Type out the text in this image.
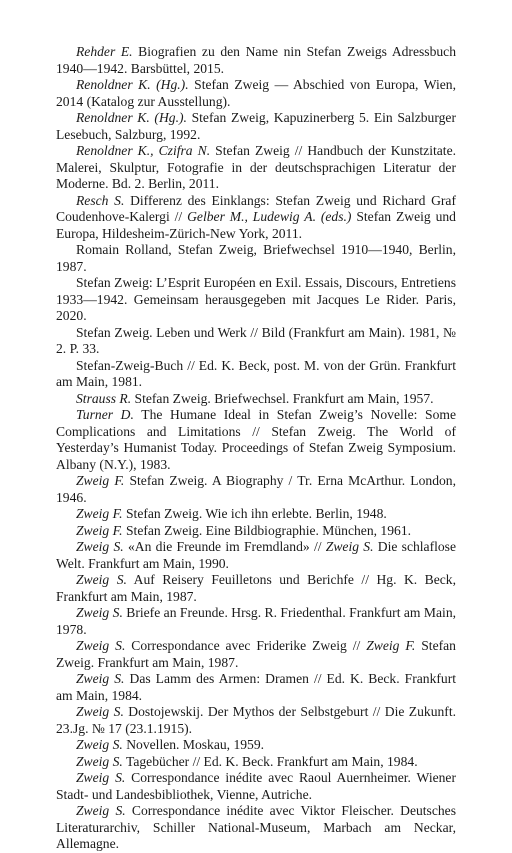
Rehder E. Biografien zu den Name nin Stefan Zweigs Adressbuch 1940—1942. Barsbüttel, 2015.

Renoldner K. (Hg.). Stefan Zweig — Abschied von Europa, Wien, 2014 (Katalog zur Ausstellung).

Renoldner K. (Hg.). Stefan Zweig, Kapuzinerberg 5. Ein Salzburger Lesebuch, Salzburg, 1992.

Renoldner K., Czifra N. Stefan Zweig // Handbuch der Kunstzitate. Malerei, Skulptur, Fotografie in der deutschsprachigen Literatur der Moderne. Bd. 2. Berlin, 2011.

Resch S. Differenz des Einklangs: Stefan Zweig und Richard Graf Coudenhove-Kalergi // Gelber M., Ludewig A. (eds.) Stefan Zweig und Europa, Hildesheim-Zürich-New York, 2011.

Romain Rolland, Stefan Zweig, Briefwechsel 1910—1940, Berlin, 1987.

Stefan Zweig: L’Esprit Européen en Exil. Essais, Discours, Entretiens 1933—1942. Gemeinsam herausgegeben mit Jacques Le Rider. Paris, 2020.

Stefan Zweig. Leben und Werk // Bild (Frankfurt am Main). 1981, № 2. P. 33.

Stefan-Zweig-Buch // Ed. K. Beck, post. M. von der Grün. Frankfurt am Main, 1981.

Strauss R. Stefan Zweig. Briefwechsel. Frankfurt am Main, 1957.

Turner D. The Humane Ideal in Stefan Zweig’s Novelle: Some Complications and Limitations // Stefan Zweig. The World of Yesterday’s Humanist Today. Proceedings of Stefan Zweig Symposium. Albany (N.Y.), 1983.

Zweig F. Stefan Zweig. A Biography / Tr. Erna McArthur. London, 1946.

Zweig F. Stefan Zweig. Wie ich ihn erlebte. Berlin, 1948.

Zweig F. Stefan Zweig. Eine Bildbiographie. München, 1961.

Zweig S. «An die Freunde im Fremdland» // Zweig S. Die schlaflose Welt. Frankfurt am Main, 1990.

Zweig S. Auf Reisery Feuilletons und Berichfe // Hg. K. Beck, Frankfurt am Main, 1987.

Zweig S. Briefe an Freunde. Hrsg. R. Friedenthal. Frankfurt am Main, 1978.

Zweig S. Correspondance avec Friderike Zweig // Zweig F. Stefan Zweig. Frankfurt am Main, 1987.

Zweig S. Das Lamm des Armen: Dramen // Ed. K. Beck. Frankfurt am Main, 1984.

Zweig S. Dostojewskij. Der Mythos der Selbstgeburt // Die Zukunft. 23.Jg. № 17 (23.1.1915).

Zweig S. Novellen. Moskau, 1959.

Zweig S. Tagebücher // Ed. K. Beck. Frankfurt am Main, 1984.

Zweig S. Correspondance inédite avec Raoul Auernheimer. Wiener Stadt- und Landesbibliothek, Vienne, Autriche.

Zweig S. Correspondance inédite avec Viktor Fleischer. Deutsches Literaturarchiv, Schiller National-Museum, Marbach am Neckar, Allemagne.
